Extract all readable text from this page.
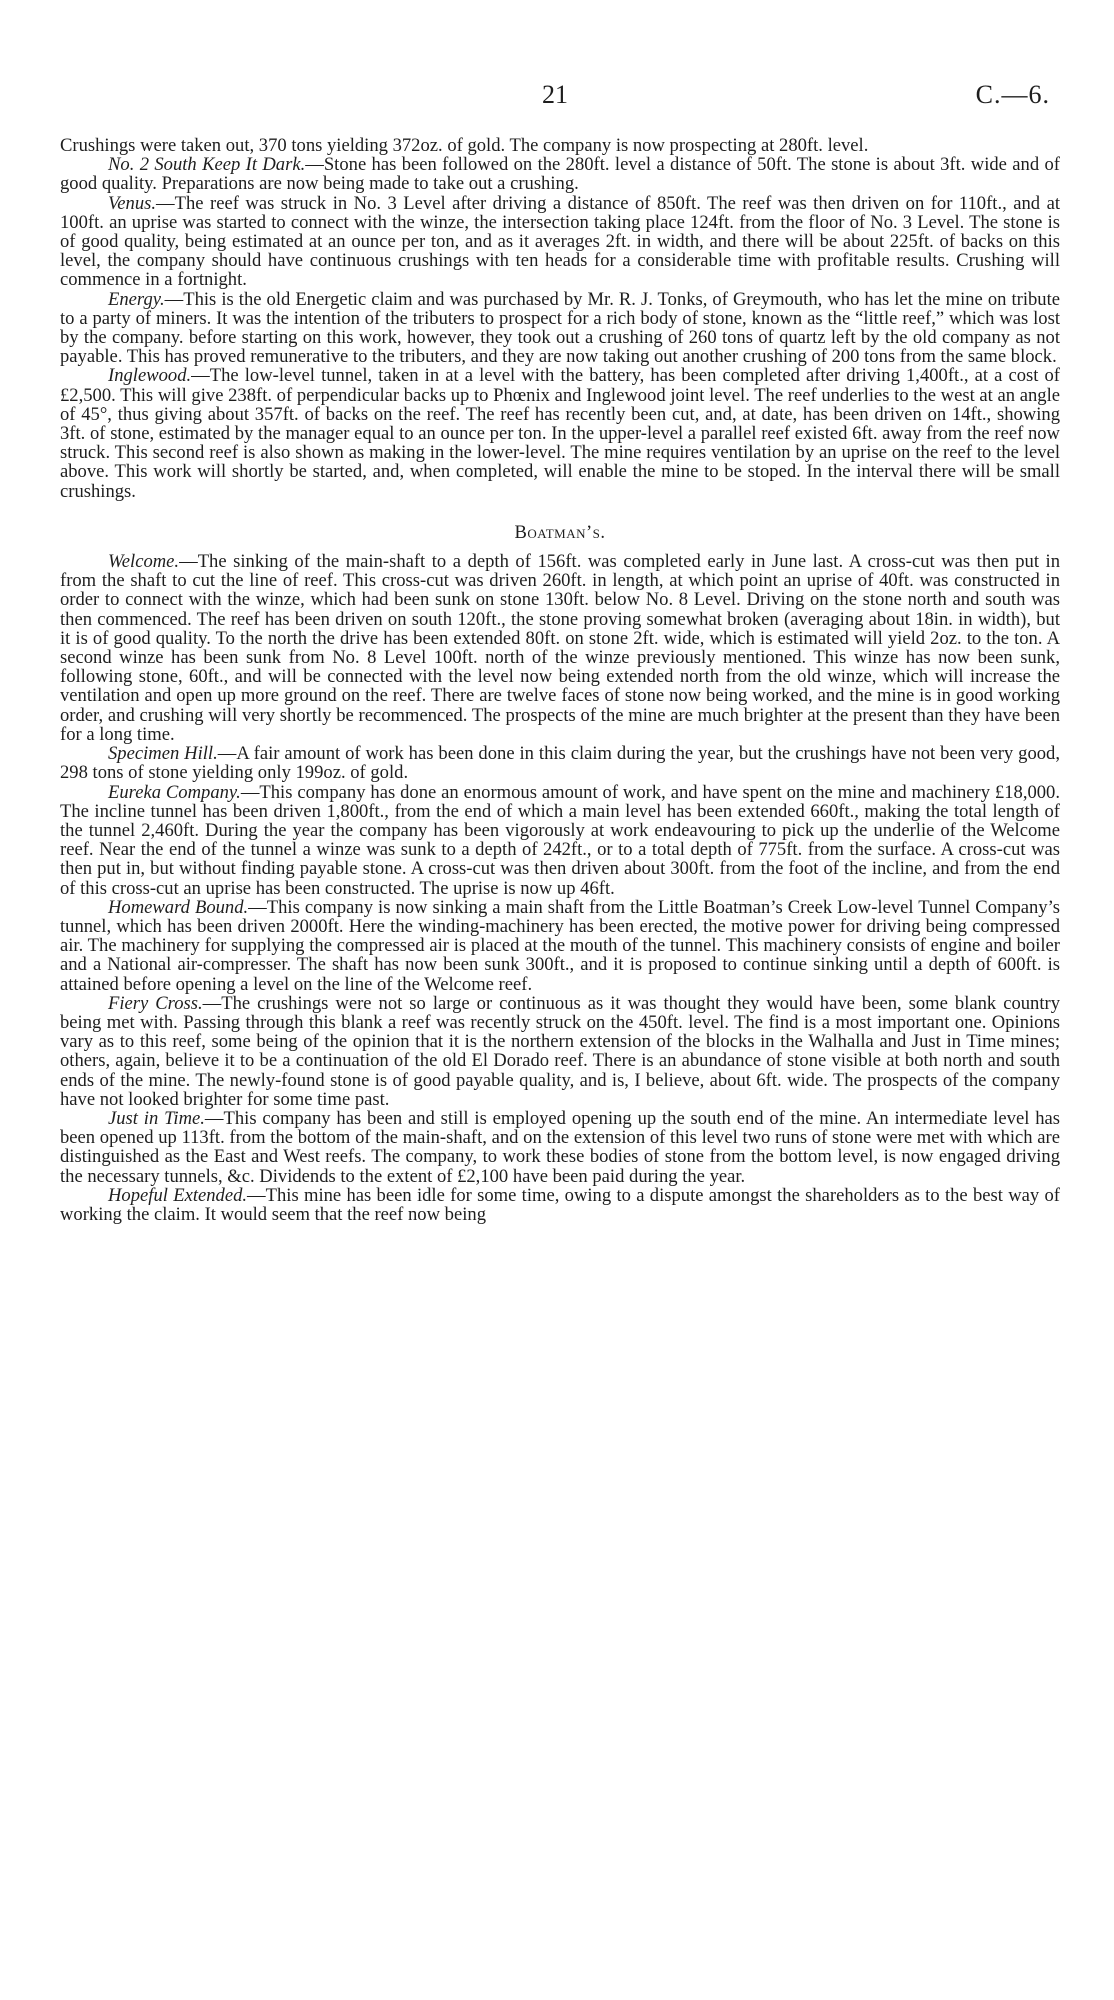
21	C.—6.

Crushings were taken out, 370 tons yielding 372oz. of gold. The company is now prospecting at 280ft. level.

No. 2 South Keep It Dark.—Stone has been followed on the 280ft. level a distance of 50ft. The stone is about 3ft. wide and of good quality. Preparations are now being made to take out a crushing.

Venus.—The reef was struck in No. 3 Level after driving a distance of 850ft. The reef was then driven on for 110ft., and at 100ft. an uprise was started to connect with the winze, the intersection taking place 124ft. from the floor of No. 3 Level. The stone is of good quality, being estimated at an ounce per ton, and as it averages 2ft. in width, and there will be about 225ft. of backs on this level, the company should have continuous crushings with ten heads for a considerable time with profitable results. Crushing will commence in a fortnight.

Energy.—This is the old Energetic claim and was purchased by Mr. R. J. Tonks, of Greymouth, who has let the mine on tribute to a party of miners. It was the intention of the tributers to prospect for a rich body of stone, known as the “little reef,” which was lost by the company. before starting on this work, however, they took out a crushing of 260 tons of quartz left by the old company as not payable. This has proved remunerative to the tributers, and they are now taking out another crushing of 200 tons from the same block.

Inglewood.—The low-level tunnel, taken in at a level with the battery, has been completed after driving 1,400ft., at a cost of £2,500. This will give 238ft. of perpendicular backs up to Phœnix and Inglewood joint level. The reef underlies to the west at an angle of 45°, thus giving about 357ft. of backs on the reef. The reef has recently been cut, and, at date, has been driven on 14ft., showing 3ft. of stone, estimated by the manager equal to an ounce per ton. In the upper-level a parallel reef existed 6ft. away from the reef now struck. This second reef is also shown as making in the lower-level. The mine requires ventilation by an uprise on the reef to the level above. This work will shortly be started, and, when completed, will enable the mine to be stoped. In the interval there will be small crushings.

Boatman’s.

Welcome.—The sinking of the main-shaft to a depth of 156ft. was completed early in June last. A cross-cut was then put in from the shaft to cut the line of reef. This cross-cut was driven 260ft. in length, at which point an uprise of 40ft. was constructed in order to connect with the winze, which had been sunk on stone 130ft. below No. 8 Level. Driving on the stone north and south was then commenced. The reef has been driven on south 120ft., the stone proving somewhat broken (averaging about 18in. in width), but it is of good quality. To the north the drive has been extended 80ft. on stone 2ft. wide, which is estimated will yield 2oz. to the ton. A second winze has been sunk from No. 8 Level 100ft. north of the winze previously mentioned. This winze has now been sunk, following stone, 60ft., and will be connected with the level now being extended north from the old winze, which will increase the ventilation and open up more ground on the reef. There are twelve faces of stone now being worked, and the mine is in good working order, and crushing will very shortly be recommenced. The prospects of the mine are much brighter at the present than they have been for a long time.

Specimen Hill.—A fair amount of work has been done in this claim during the year, but the crushings have not been very good, 298 tons of stone yielding only 199oz. of gold.

Eureka Company.—This company has done an enormous amount of work, and have spent on the mine and machinery £18,000. The incline tunnel has been driven 1,800ft., from the end of which a main level has been extended 660ft., making the total length of the tunnel 2,460ft. During the year the company has been vigorously at work endeavouring to pick up the underlie of the Welcome reef. Near the end of the tunnel a winze was sunk to a depth of 242ft., or to a total depth of 775ft. from the surface. A cross-cut was then put in, but without finding payable stone. A cross-cut was then driven about 300ft. from the foot of the incline, and from the end of this cross-cut an uprise has been constructed. The uprise is now up 46ft.

Homeward Bound.—This company is now sinking a main shaft from the Little Boatman’s Creek Low-level Tunnel Company’s tunnel, which has been driven 2000ft. Here the winding-machinery has been erected, the motive power for driving being compressed air. The machinery for supplying the compressed air is placed at the mouth of the tunnel. This machinery consists of engine and boiler and a National air-compresser. The shaft has now been sunk 300ft., and it is proposed to continue sinking until a depth of 600ft. is attained before opening a level on the line of the Welcome reef.

Fiery Cross.—The crushings were not so large or continuous as it was thought they would have been, some blank country being met with. Passing through this blank a reef was recently struck on the 450ft. level. The find is a most important one. Opinions vary as to this reef, some being of the opinion that it is the northern extension of the blocks in the Walhalla and Just in Time mines; others, again, believe it to be a continuation of the old El Dorado reef. There is an abundance of stone visible at both north and south ends of the mine. The newly-found stone is of good payable quality, and is, I believe, about 6ft. wide. The prospects of the company have not looked brighter for some time past.

Just in Time.—This company has been and still is employed opening up the south end of the mine. An intermediate level has been opened up 113ft. from the bottom of the main-shaft, and on the extension of this level two runs of stone were met with which are distinguished as the East and West reefs. The company, to work these bodies of stone from the bottom level, is now engaged driving the necessary tunnels, &c. Dividends to the extent of £2,100 have been paid during the year.

Hopeful Extended.—This mine has been idle for some time, owing to a dispute amongst the shareholders as to the best way of working the claim. It would seem that the reef now being
